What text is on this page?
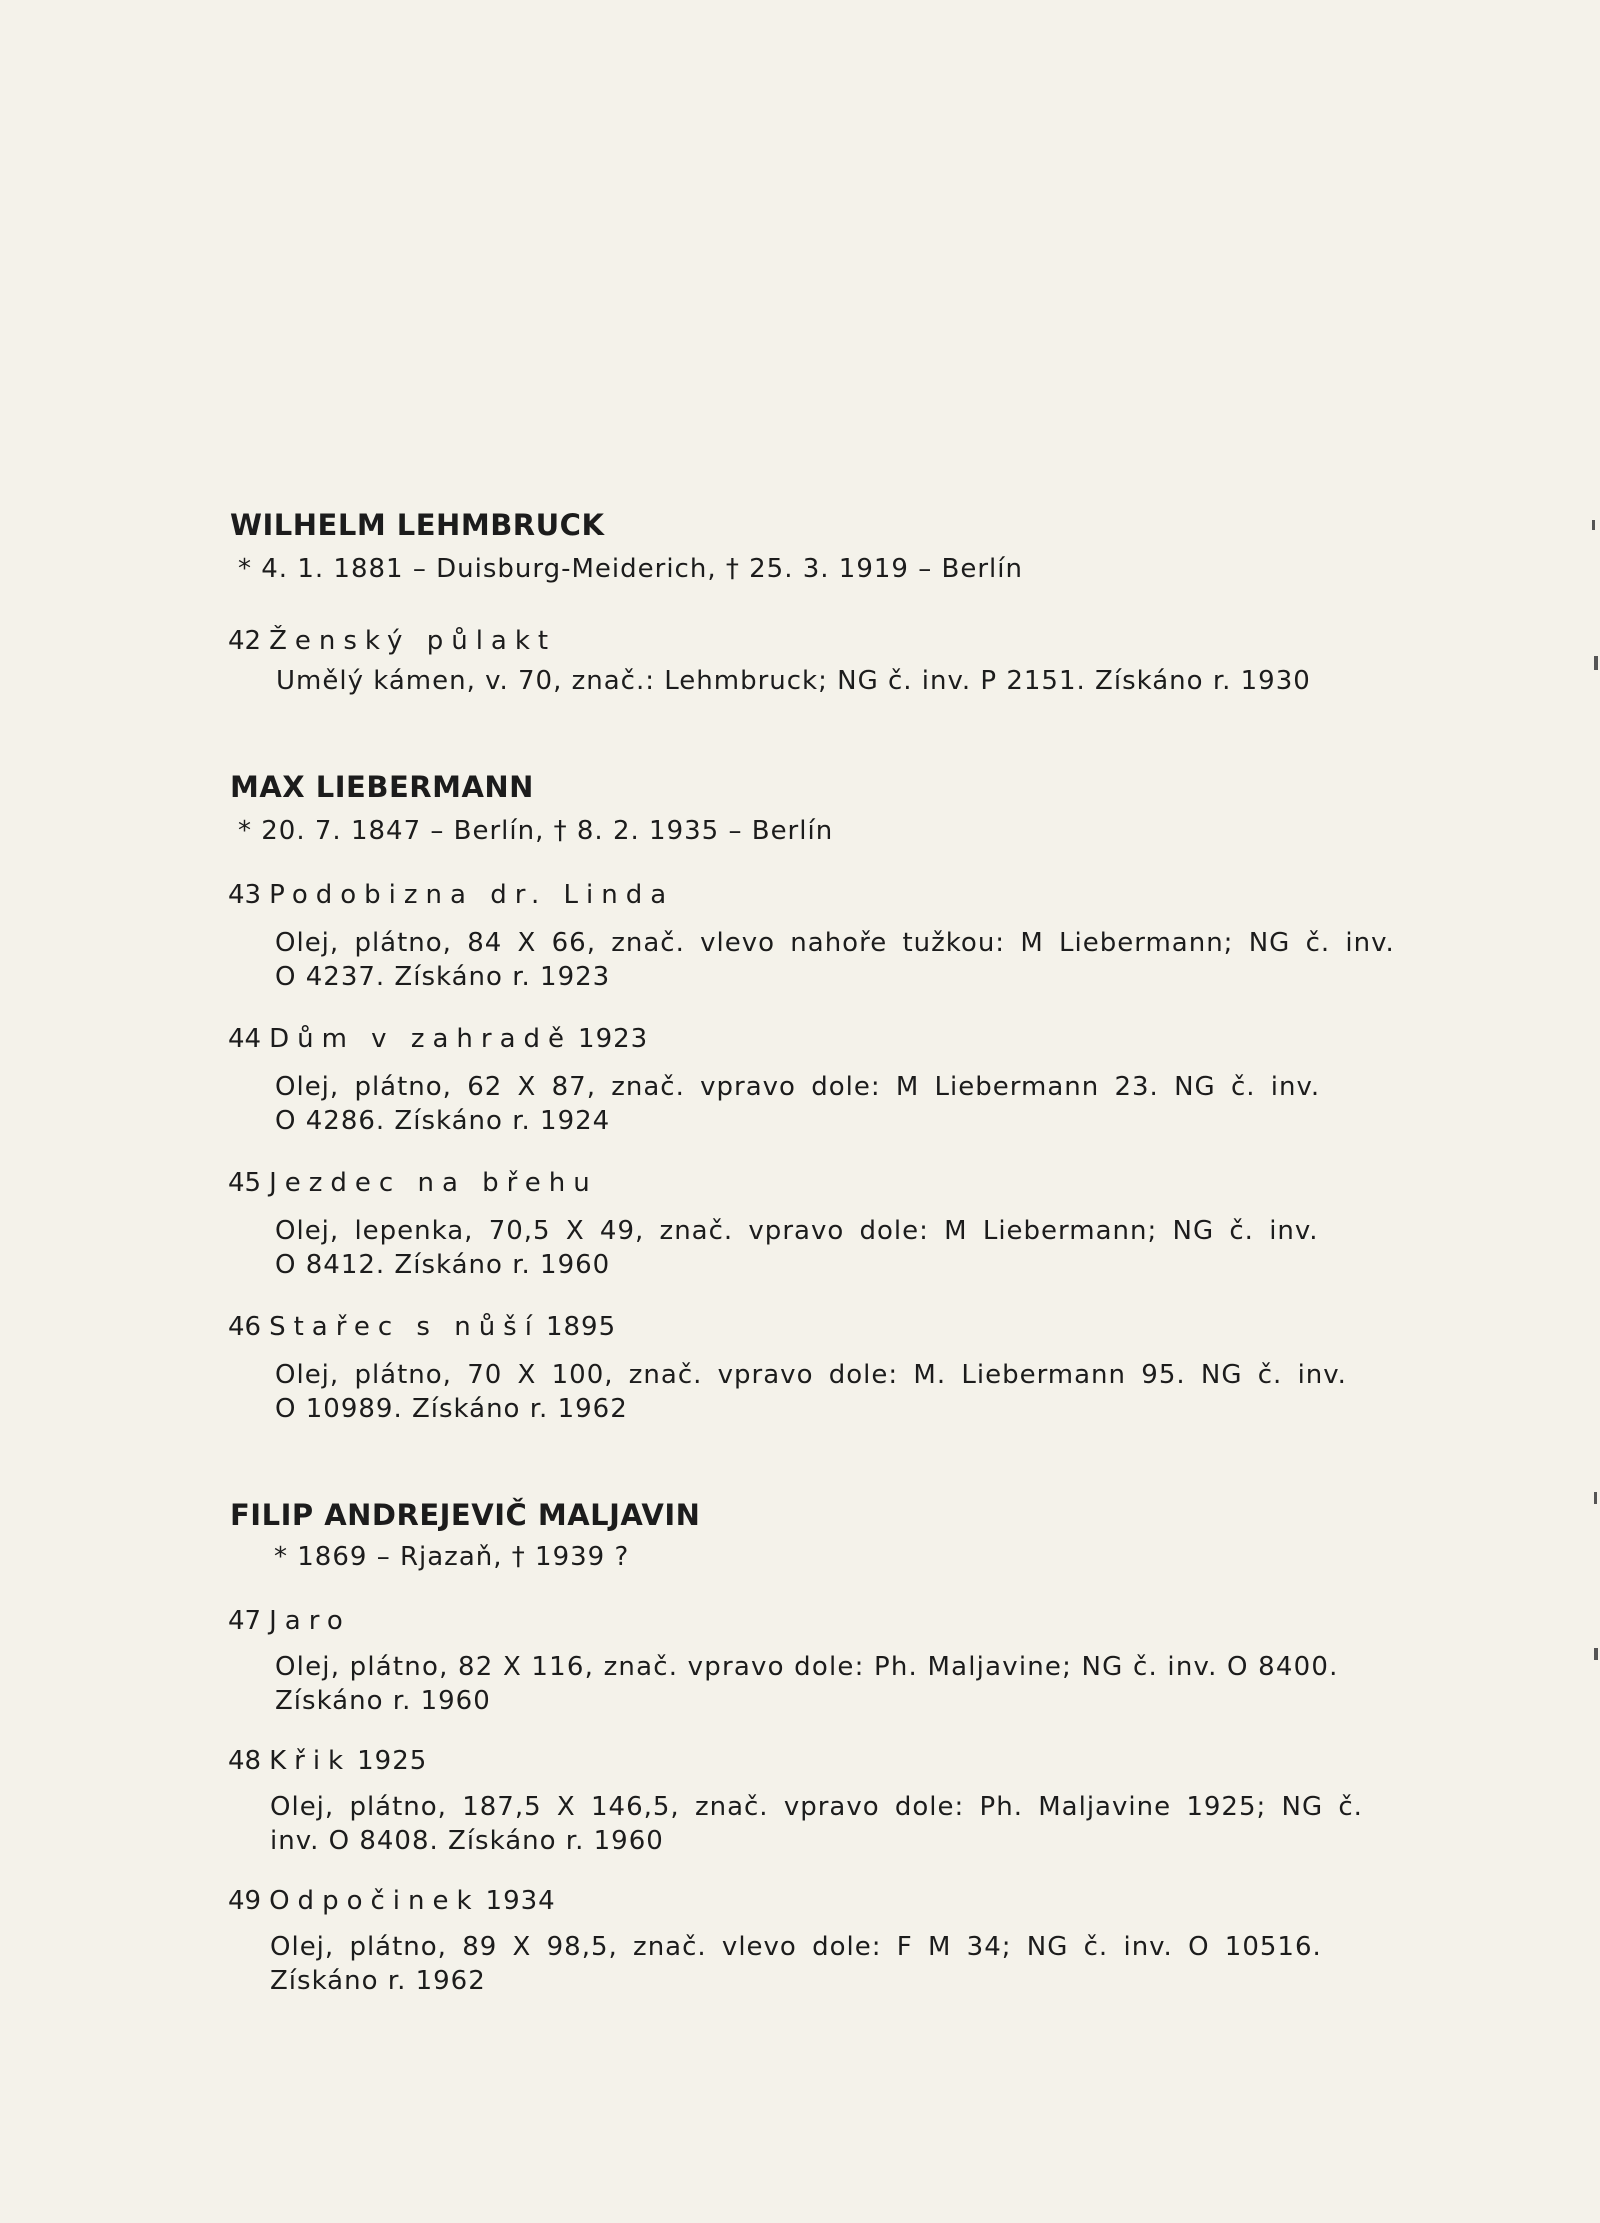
WILHELM LEHMBRUCK
* 4. 1. 1881 – Duisburg-Meiderich, † 25. 3. 1919 – Berlín
42 Ženský půlakt
Umělý kámen, v. 70, znač.: Lehmbruck; NG č. inv. P 2151. Získáno r. 1930
MAX LIEBERMANN
* 20. 7. 1847 – Berlín, † 8. 2. 1935 – Berlín
43 Podobizna dr. Linda
Olej, plátno, 84 X 66, znač. vlevo nahoře tužkou: M Liebermann; NG č. inv.
O 4237. Získáno r. 1923
44 Dům v zahradě 1923
Olej, plátno, 62 X 87, znač. vpravo dole: M Liebermann 23. NG č. inv.
O 4286. Získáno r. 1924
45 Jezdec na břehu
Olej, lepenka, 70,5 X 49, znač. vpravo dole: M Liebermann; NG č. inv.
O 8412. Získáno r. 1960
46 Stařec s nůší 1895
Olej, plátno, 70 X 100, znač. vpravo dole: M. Liebermann 95. NG č. inv.
O 10989. Získáno r. 1962
FILIP ANDREJEVIČ MALJAVIN
* 1869 – Rjazaň, † 1939 ?
47 Jaro
Olej, plátno, 82 X 116, znač. vpravo dole: Ph. Maljavine; NG č. inv. O 8400.
Získáno r. 1960
48 Křik 1925
Olej, plátno, 187,5 X 146,5, znač. vpravo dole: Ph. Maljavine 1925; NG č.
inv. O 8408. Získáno r. 1960
49 Odpočinek 1934
Olej, plátno, 89 X 98,5, znač. vlevo dole: F M 34; NG č. inv. O 10516.
Získáno r. 1962
